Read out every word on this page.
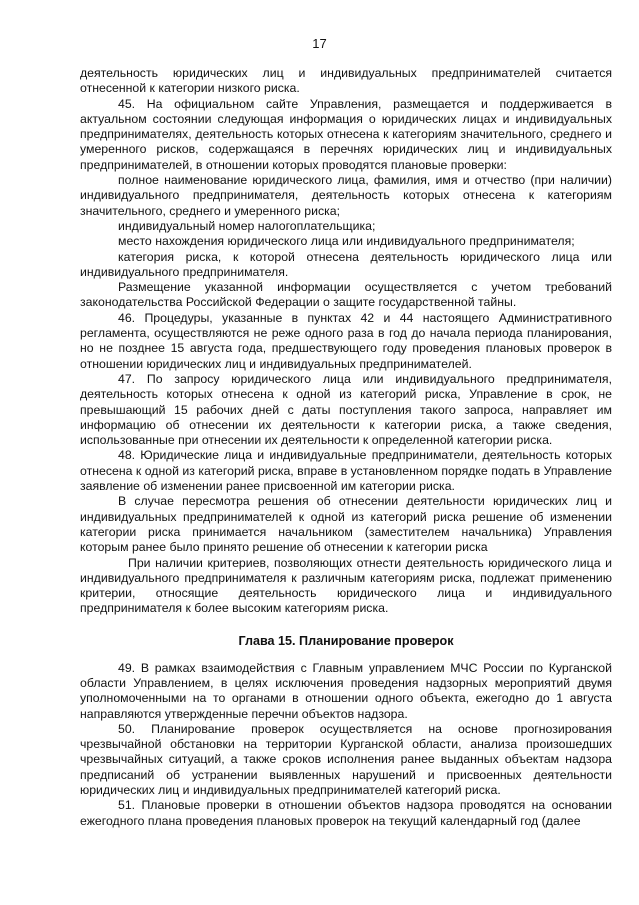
17

деятельность юридических лиц и индивидуальных предпринимателей считается отнесенной к категории низкого риска.

45. На официальном сайте Управления, размещается и поддерживается в актуальном состоянии следующая информация о юридических лицах и индивидуальных предпринимателях, деятельность которых отнесена к категориям значительного, среднего и умеренного рисков, содержащаяся в перечнях юридических лиц и индивидуальных предпринимателей, в отношении которых проводятся плановые проверки:

полное наименование юридического лица, фамилия, имя и отчество (при наличии) индивидуального предпринимателя, деятельность которых отнесена к категориям значительного, среднего и умеренного риска;

индивидуальный номер налогоплательщика;

место нахождения юридического лица или индивидуального предпринимателя;

категория риска, к которой отнесена деятельность юридического лица или индивидуального предпринимателя.

Размещение указанной информации осуществляется с учетом требований законодательства Российской Федерации о защите государственной тайны.

46. Процедуры, указанные в пунктах 42 и 44 настоящего Административного регламента, осуществляются не реже одного раза в год до начала периода планирования, но не позднее 15 августа года, предшествующего году проведения плановых проверок в отношении юридических лиц и индивидуальных предпринимателей.

47. По запросу юридического лица или индивидуального предпринимателя, деятельность которых отнесена к одной из категорий риска, Управление в срок, не превышающий 15 рабочих дней с даты поступления такого запроса, направляет им информацию об отнесении их деятельности к категории риска, а также сведения, использованные при отнесении их деятельности к определенной категории риска.

48. Юридические лица и индивидуальные предприниматели, деятельность которых отнесена к одной из категорий риска, вправе в установленном порядке подать в Управление заявление об изменении ранее присвоенной им категории риска.

В случае пересмотра решения об отнесении деятельности юридических лиц и индивидуальных предпринимателей к одной из категорий риска решение об изменении категории риска принимается начальником (заместителем начальника) Управления которым ранее было принято решение об отнесении к категории риска

При наличии критериев, позволяющих отнести деятельность юридического лица и индивидуального предпринимателя к различным категориям риска, подлежат применению критерии, относящие деятельность юридического лица и индивидуального предпринимателя к более высоким категориям риска.

Глава 15. Планирование проверок

49. В рамках взаимодействия с Главным управлением МЧС России по Курганской области Управлением, в целях исключения проведения надзорных мероприятий двумя уполномоченными на то органами в отношении одного объекта, ежегодно до 1 августа направляются утвержденные перечни объектов надзора.

50. Планирование проверок осуществляется на основе прогнозирования чрезвычайной обстановки на территории Курганской области, анализа произошедших чрезвычайных ситуаций, а также сроков исполнения ранее выданных объектам надзора предписаний об устранении выявленных нарушений и присвоенных деятельности юридических лиц и индивидуальных предпринимателей категорий риска.

51. Плановые проверки в отношении объектов надзора проводятся на основании ежегодного плана проведения плановых проверок на текущий календарный год (далее
